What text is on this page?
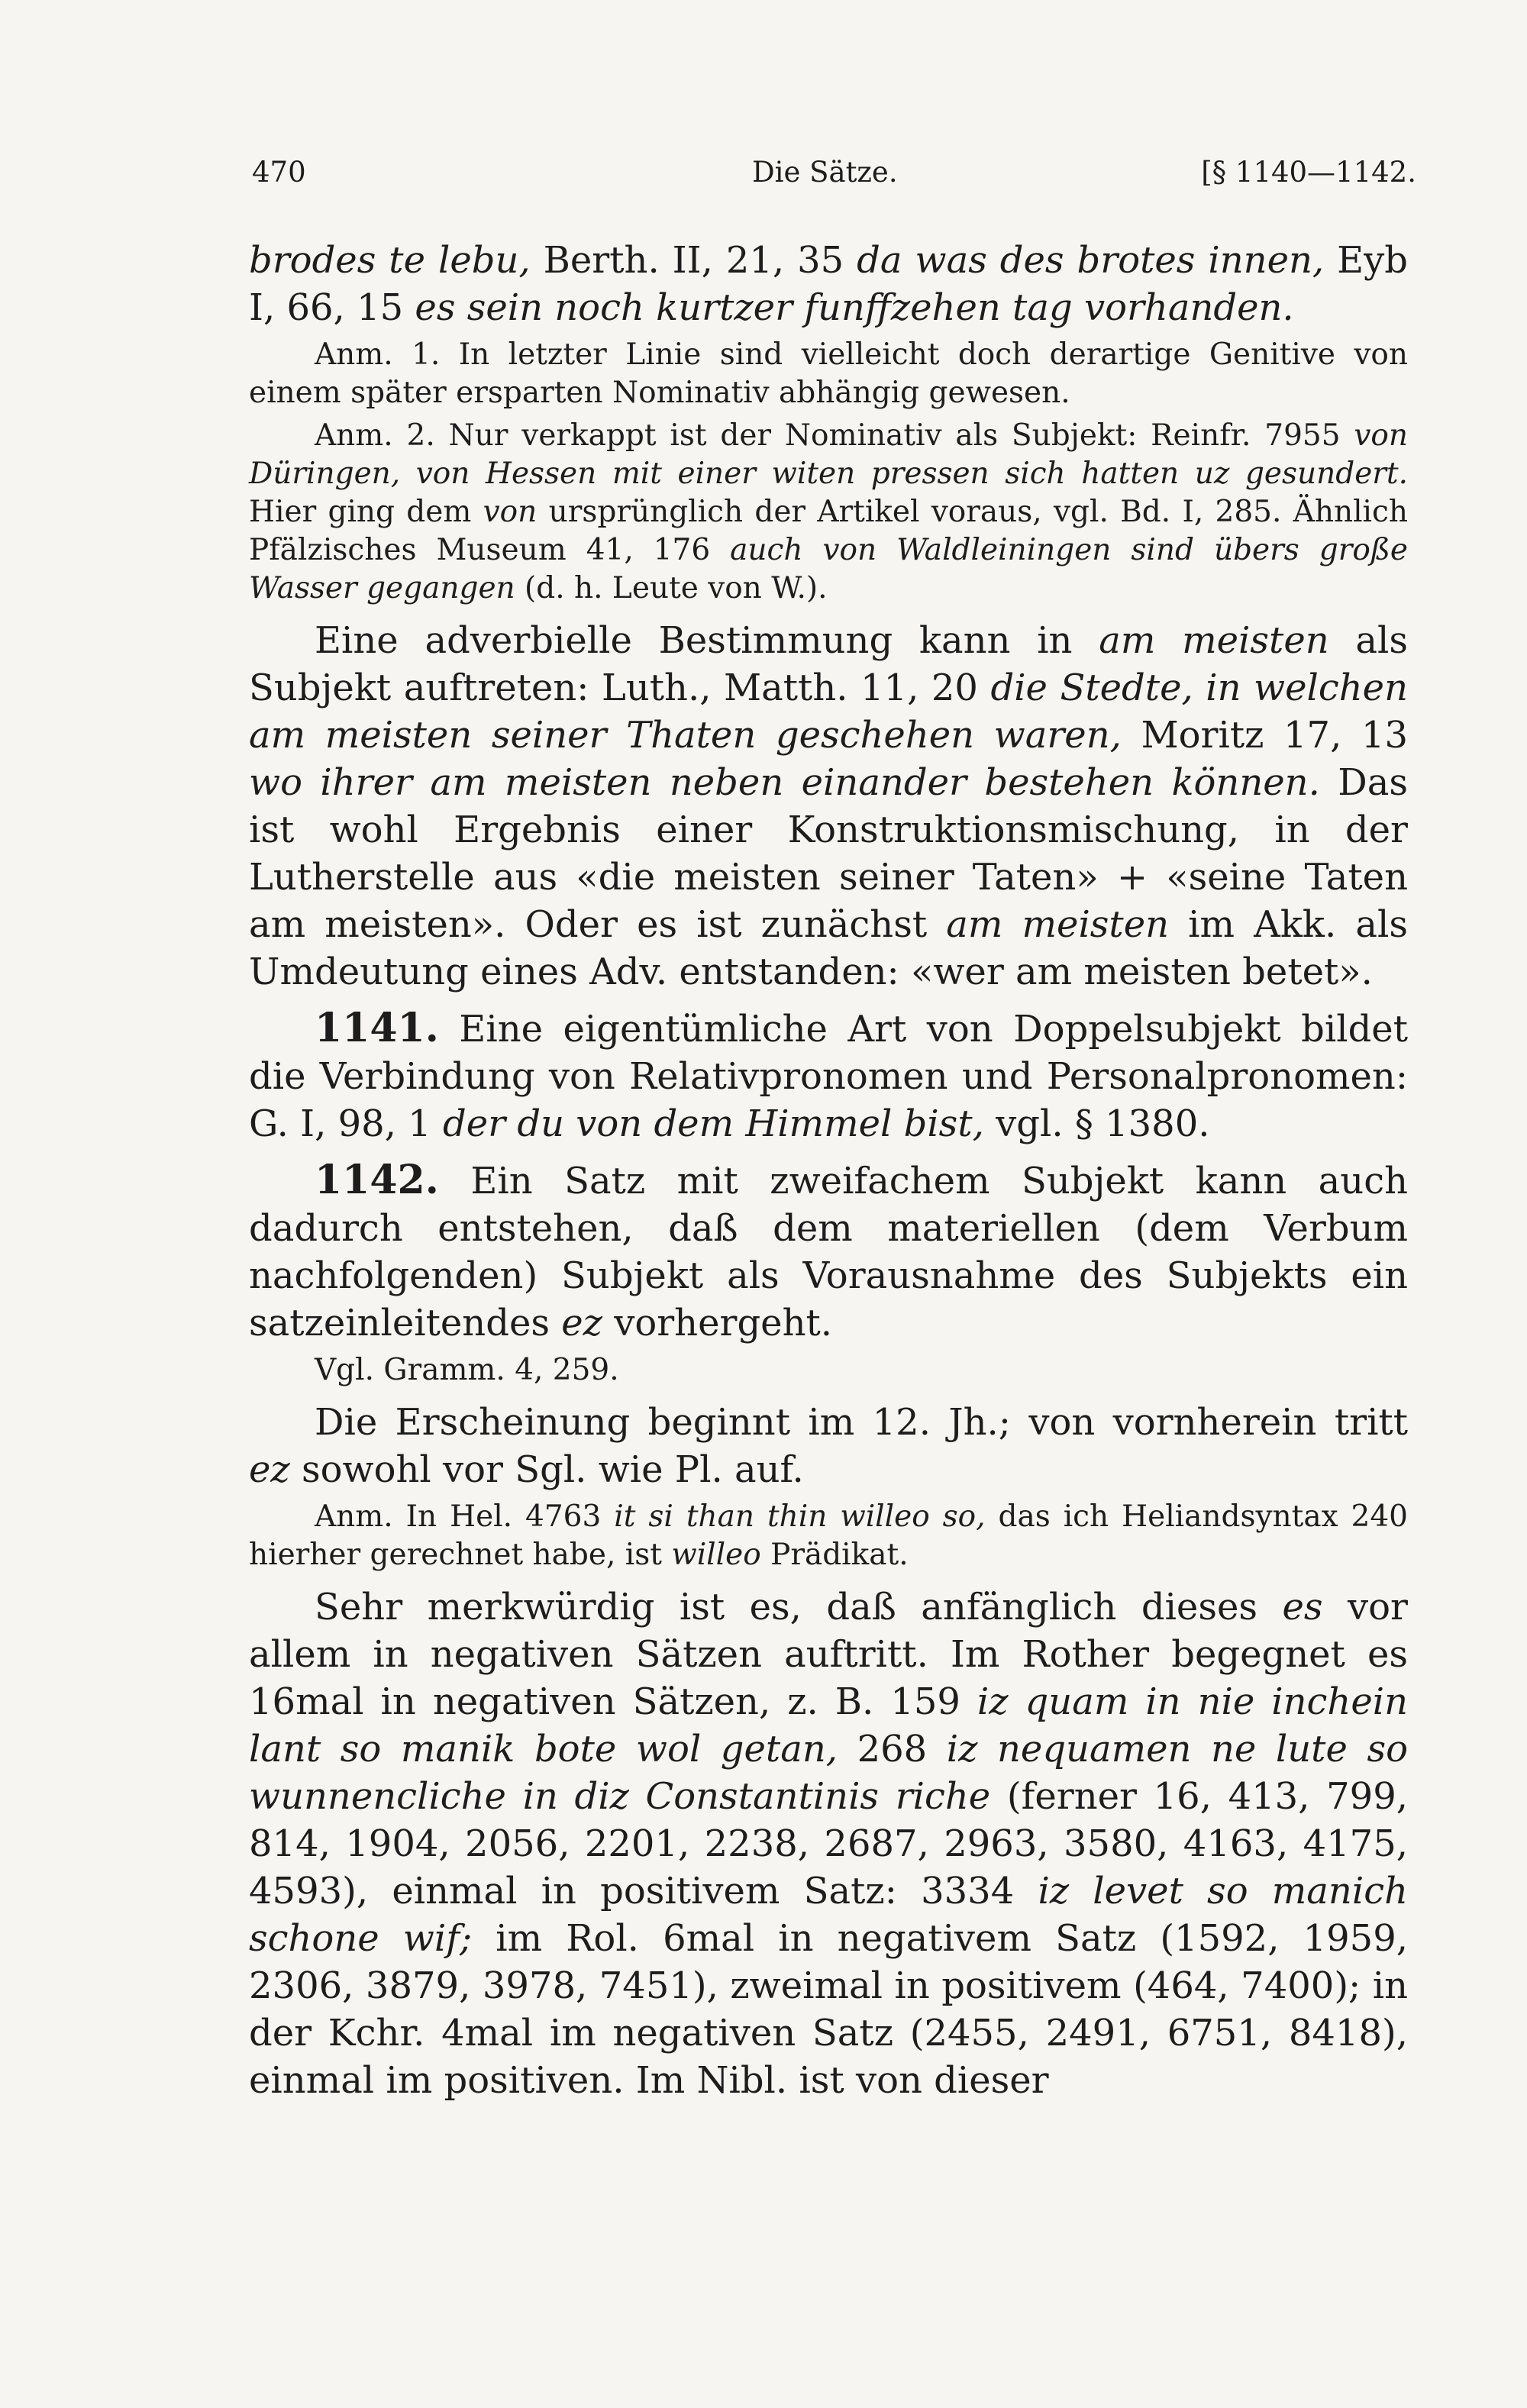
470	Die Sätze.	[§ 1140—1142.

brodes te lebu, Berth. II, 21, 35 da was des brotes innen, Eyb I, 66, 15 es sein noch kurtzer funffzehen tag vorhanden.

Anm. 1. In letzter Linie sind vielleicht doch derartige Genitive von einem später ersparten Nominativ abhängig gewesen.

Anm. 2. Nur verkappt ist der Nominativ als Subjekt: Reinfr. 7955 von Düringen, von Hessen mit einer witen pressen sich hatten uz gesundert. Hier ging dem von ursprünglich der Artikel voraus, vgl. Bd. I, 285. Ähnlich Pfälzisches Museum 41, 176 auch von Waldleiningen sind übers große Wasser gegangen (d. h. Leute von W.).

Eine adverbielle Bestimmung kann in am meisten als Subjekt auftreten: Luth., Matth. 11, 20 die Stedte, in welchen am meisten seiner Thaten geschehen waren, Moritz 17, 13 wo ihrer am meisten neben einander bestehen können. Das ist wohl Ergebnis einer Konstruktionsmischung, in der Lutherstelle aus «die meisten seiner Taten» + «seine Taten am meisten». Oder es ist zunächst am meisten im Akk. als Umdeutung eines Adv. entstanden: «wer am meisten betet».

1141. Eine eigentümliche Art von Doppelsubjekt bildet die Verbindung von Relativpronomen und Personalpronomen: G. I, 98, 1 der du von dem Himmel bist, vgl. § 1380.

1142. Ein Satz mit zweifachem Subjekt kann auch dadurch entstehen, daß dem materiellen (dem Verbum nachfolgenden) Subjekt als Vorausnahme des Subjekts ein satzeinleitendes ez vorhergeht.

Vgl. Gramm. 4, 259.

Die Erscheinung beginnt im 12. Jh.; von vornherein tritt ez sowohl vor Sgl. wie Pl. auf.

Anm. In Hel. 4763 it si than thin willeo so, das ich Heliandsyntax 240 hierher gerechnet habe, ist willeo Prädikat.

Sehr merkwürdig ist es, daß anfänglich dieses es vor allem in negativen Sätzen auftritt. Im Rother begegnet es 16mal in negativen Sätzen, z. B. 159 iz quam in nie inchein lant so manik bote wol getan, 268 iz nequamen ne lute so wunnencliche in diz Constantinis riche (ferner 16, 413, 799, 814, 1904, 2056, 2201, 2238, 2687, 2963, 3580, 4163, 4175, 4593), einmal in positivem Satz: 3334 iz levet so manich schone wif; im Rol. 6mal in negativem Satz (1592, 1959, 2306, 3879, 3978, 7451), zweimal in positivem (464, 7400); in der Kchr. 4mal im negativen Satz (2455, 2491, 6751, 8418), einmal im positiven. Im Nibl. ist von dieser
